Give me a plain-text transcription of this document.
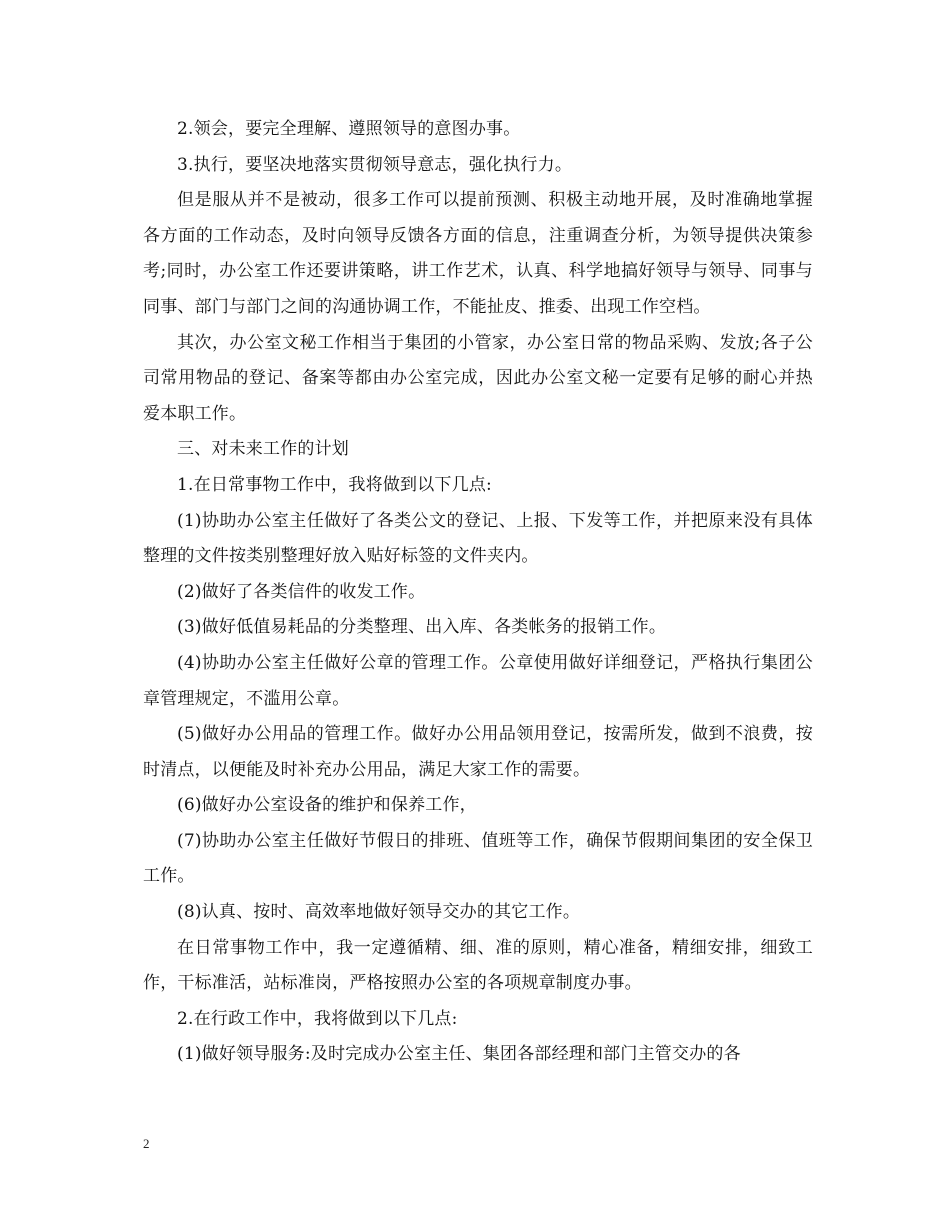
2.领会，要完全理解、遵照领导的意图办事。

3.执行，要坚决地落实贯彻领导意志，强化执行力。

但是服从并不是被动，很多工作可以提前预测、积极主动地开展，及时准确地掌握各方面的工作动态，及时向领导反馈各方面的信息，注重调查分析，为领导提供决策参考;同时，办公室工作还要讲策略，讲工作艺术，认真、科学地搞好领导与领导、同事与同事、部门与部门之间的沟通协调工作，不能扯皮、推委、出现工作空档。

其次，办公室文秘工作相当于集团的小管家，办公室日常的物品采购、发放;各子公司常用物品的登记、备案等都由办公室完成，因此办公室文秘一定要有足够的耐心并热爱本职工作。

三、对未来工作的计划

1.在日常事物工作中，我将做到以下几点:

(1)协助办公室主任做好了各类公文的登记、上报、下发等工作，并把原来没有具体整理的文件按类别整理好放入贴好标签的文件夹内。

(2)做好了各类信件的收发工作。

(3)做好低值易耗品的分类整理、出入库、各类帐务的报销工作。

(4)协助办公室主任做好公章的管理工作。公章使用做好详细登记，严格执行集团公章管理规定，不滥用公章。

(5)做好办公用品的管理工作。做好办公用品领用登记，按需所发，做到不浪费，按时清点，以便能及时补充办公用品，满足大家工作的需要。

(6)做好办公室设备的维护和保养工作，

(7)协助办公室主任做好节假日的排班、值班等工作，确保节假期间集团的安全保卫工作。

(8)认真、按时、高效率地做好领导交办的其它工作。

在日常事物工作中，我一定遵循精、细、准的原则，精心准备，精细安排，细致工作，干标准活，站标准岗，严格按照办公室的各项规章制度办事。

2.在行政工作中，我将做到以下几点:

(1)做好领导服务:及时完成办公室主任、集团各部经理和部门主管交办的各

2
